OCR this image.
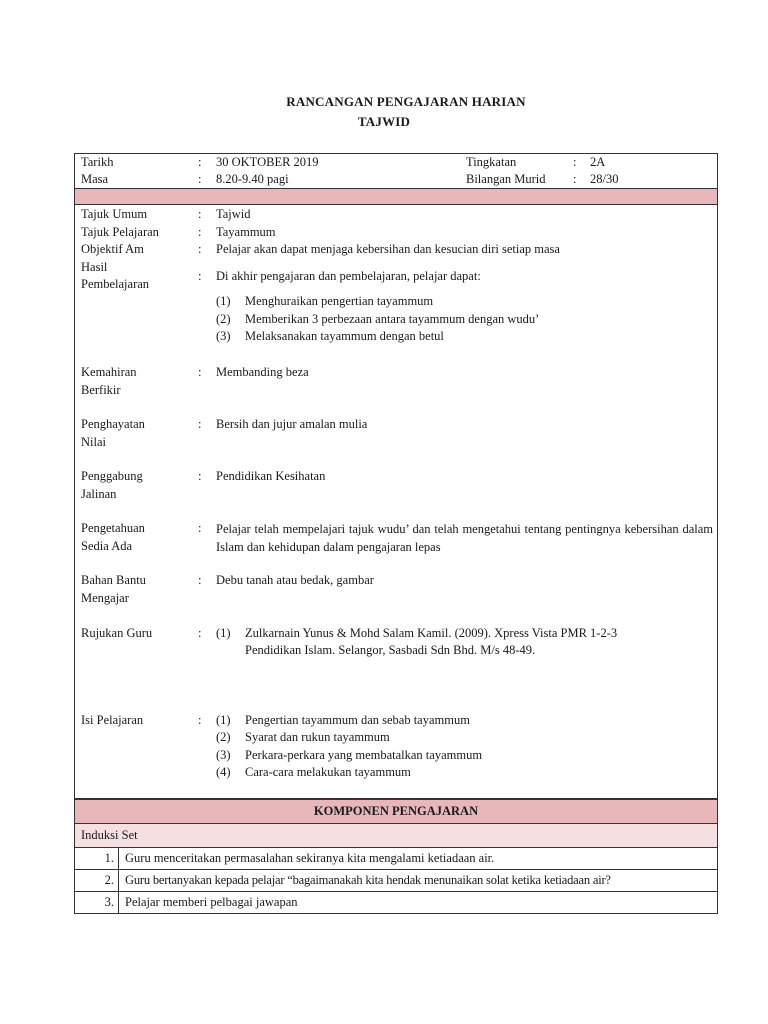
RANCANGAN PENGAJARAN HARIAN
TAJWID
Tarikh	: 30 OKTOBER 2019	Tingkatan	: 2A
Masa	: 8.20-9.40 pagi	Bilangan Murid : 28/30
Tajuk Umum	: Tajwid
Tajuk Pelajaran	: Tayammum
Objektif Am	: Pelajar akan dapat menjaga kebersihan dan kesucian diri setiap masa
Hasil
Pembelajaran
: Di akhir pengajaran dan pembelajaran, pelajar dapat:
(1) Menghuraikan pengertian tayammum
(2) Memberikan 3 perbezaan antara tayammum dengan wudu’
(3) Melaksanakan tayammum dengan betul
Kemahiran
Berfikir
: Membanding beza
Penghayatan
Nilai
: Bersih dan jujur amalan mulia
Penggabung
Jalinan
: Pendidikan Kesihatan
Pengetahuan
Sedia Ada
: Pelajar telah mempelajari tajuk wudu’ dan telah mengetahui tentang pentingnya kebersihan dalam Islam dan kehidupan dalam pengajaran lepas
Bahan Bantu
Mengajar
: Debu tanah atau bedak, gambar
Rujukan Guru	: (1) Zulkarnain Yunus & Mohd Salam Kamil. (2009). Xpress Vista PMR 1-2-3
Pendidikan Islam. Selangor, Sasbadi Sdn Bhd. M/s 48-49.
Isi Pelajaran	: (1) Pengertian tayammum dan sebab tayammum
(2) Syarat dan rukun tayammum
(3) Perkara-perkara yang membatalkan tayammum
(4) Cara-cara melakukan tayammum
KOMPONEN PENGAJARAN	
Induksi Set	
1.	Guru menceritakan permasalahan sekiranya kita mengalami ketiadaan air.
2.	Guru bertanyakan kepada pelajar “bagaimanakah kita hendak menunaikan solat ketika ketiadaan air?
3.	Pelajar memberi pelbagai jawapan
